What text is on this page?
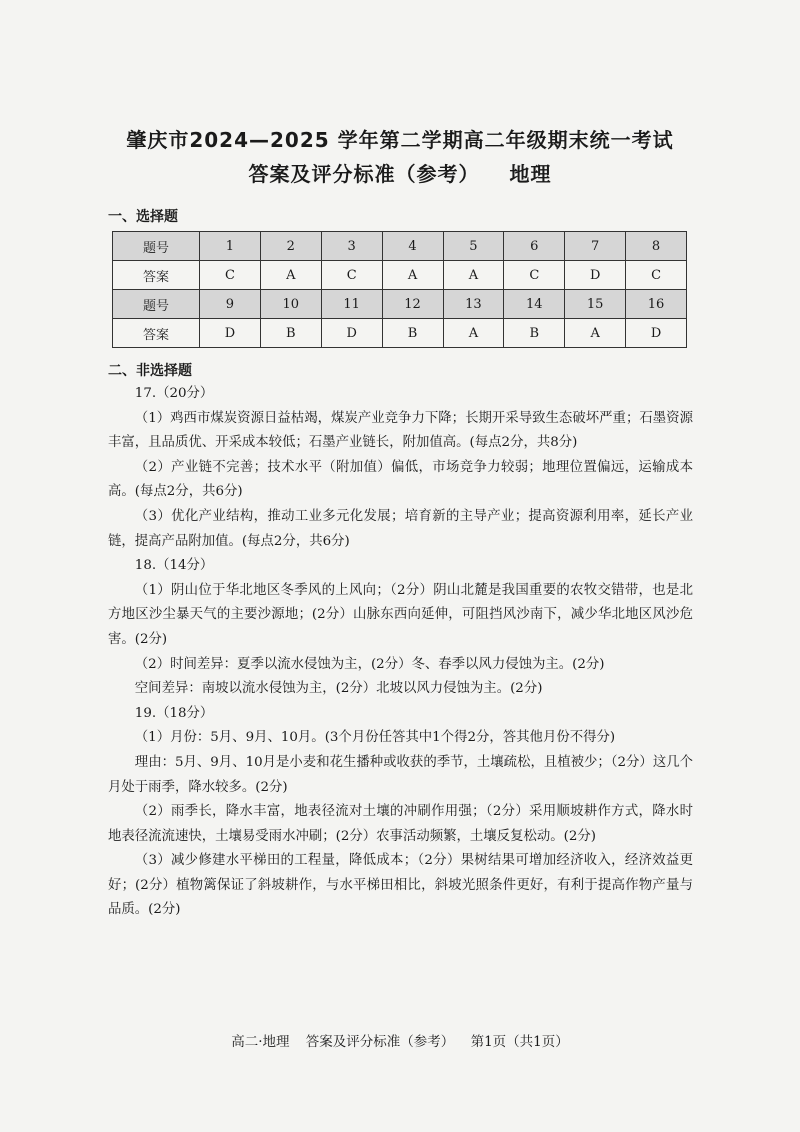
肇庆市2024—2025 学年第二学期高二年级期末统一考试
答案及评分标准（参考） 地理
一、选择题
题号	1	2	3	4	5	6	7	8
答案	C	A	C	A	A	C	D	C
题号	9	10	11	12	13	14	15	16
答案	D	B	D	B	A	B	A	D
二、非选择题

17.（20分）

（1）鸡西市煤炭资源日益枯竭，煤炭产业竞争力下降；长期开采导致生态破坏严重；石墨资源丰富，且品质优、开采成本较低；石墨产业链长，附加值高。(每点2分，共8分)

（2）产业链不完善；技术水平（附加值）偏低，市场竞争力较弱；地理位置偏远，运输成本高。(每点2分，共6分)

（3）优化产业结构，推动工业多元化发展；培育新的主导产业；提高资源利用率，延长产业链，提高产品附加值。(每点2分，共6分)

18.（14分）

（1）阴山位于华北地区冬季风的上风向；（2分）阴山北麓是我国重要的农牧交错带，也是北方地区沙尘暴天气的主要沙源地；(2分）山脉东西向延伸，可阻挡风沙南下，减少华北地区风沙危害。(2分)

（2）时间差异：夏季以流水侵蚀为主，(2分）冬、春季以风力侵蚀为主。(2分)

空间差异：南坡以流水侵蚀为主，(2分）北坡以风力侵蚀为主。(2分)

19.（18分）

（1）月份：5月、9月、10月。(3个月份任答其中1个得2分，答其他月份不得分)

理由：5月、9月、10月是小麦和花生播种或收获的季节，土壤疏松，且植被少；（2分）这几个月处于雨季，降水较多。(2分)

（2）雨季长，降水丰富，地表径流对土壤的冲刷作用强；（2分）采用顺坡耕作方式，降水时地表径流流速快，土壤易受雨水冲刷；(2分）农事活动频繁，土壤反复松动。(2分)

（3）减少修建水平梯田的工程量，降低成本；（2分）果树结果可增加经济收入，经济效益更好；(2分）植物篱保证了斜坡耕作，与水平梯田相比，斜坡光照条件更好，有利于提高作物产量与品质。(2分)

高二·地理 答案及评分标准（参考） 第1页（共1页）
